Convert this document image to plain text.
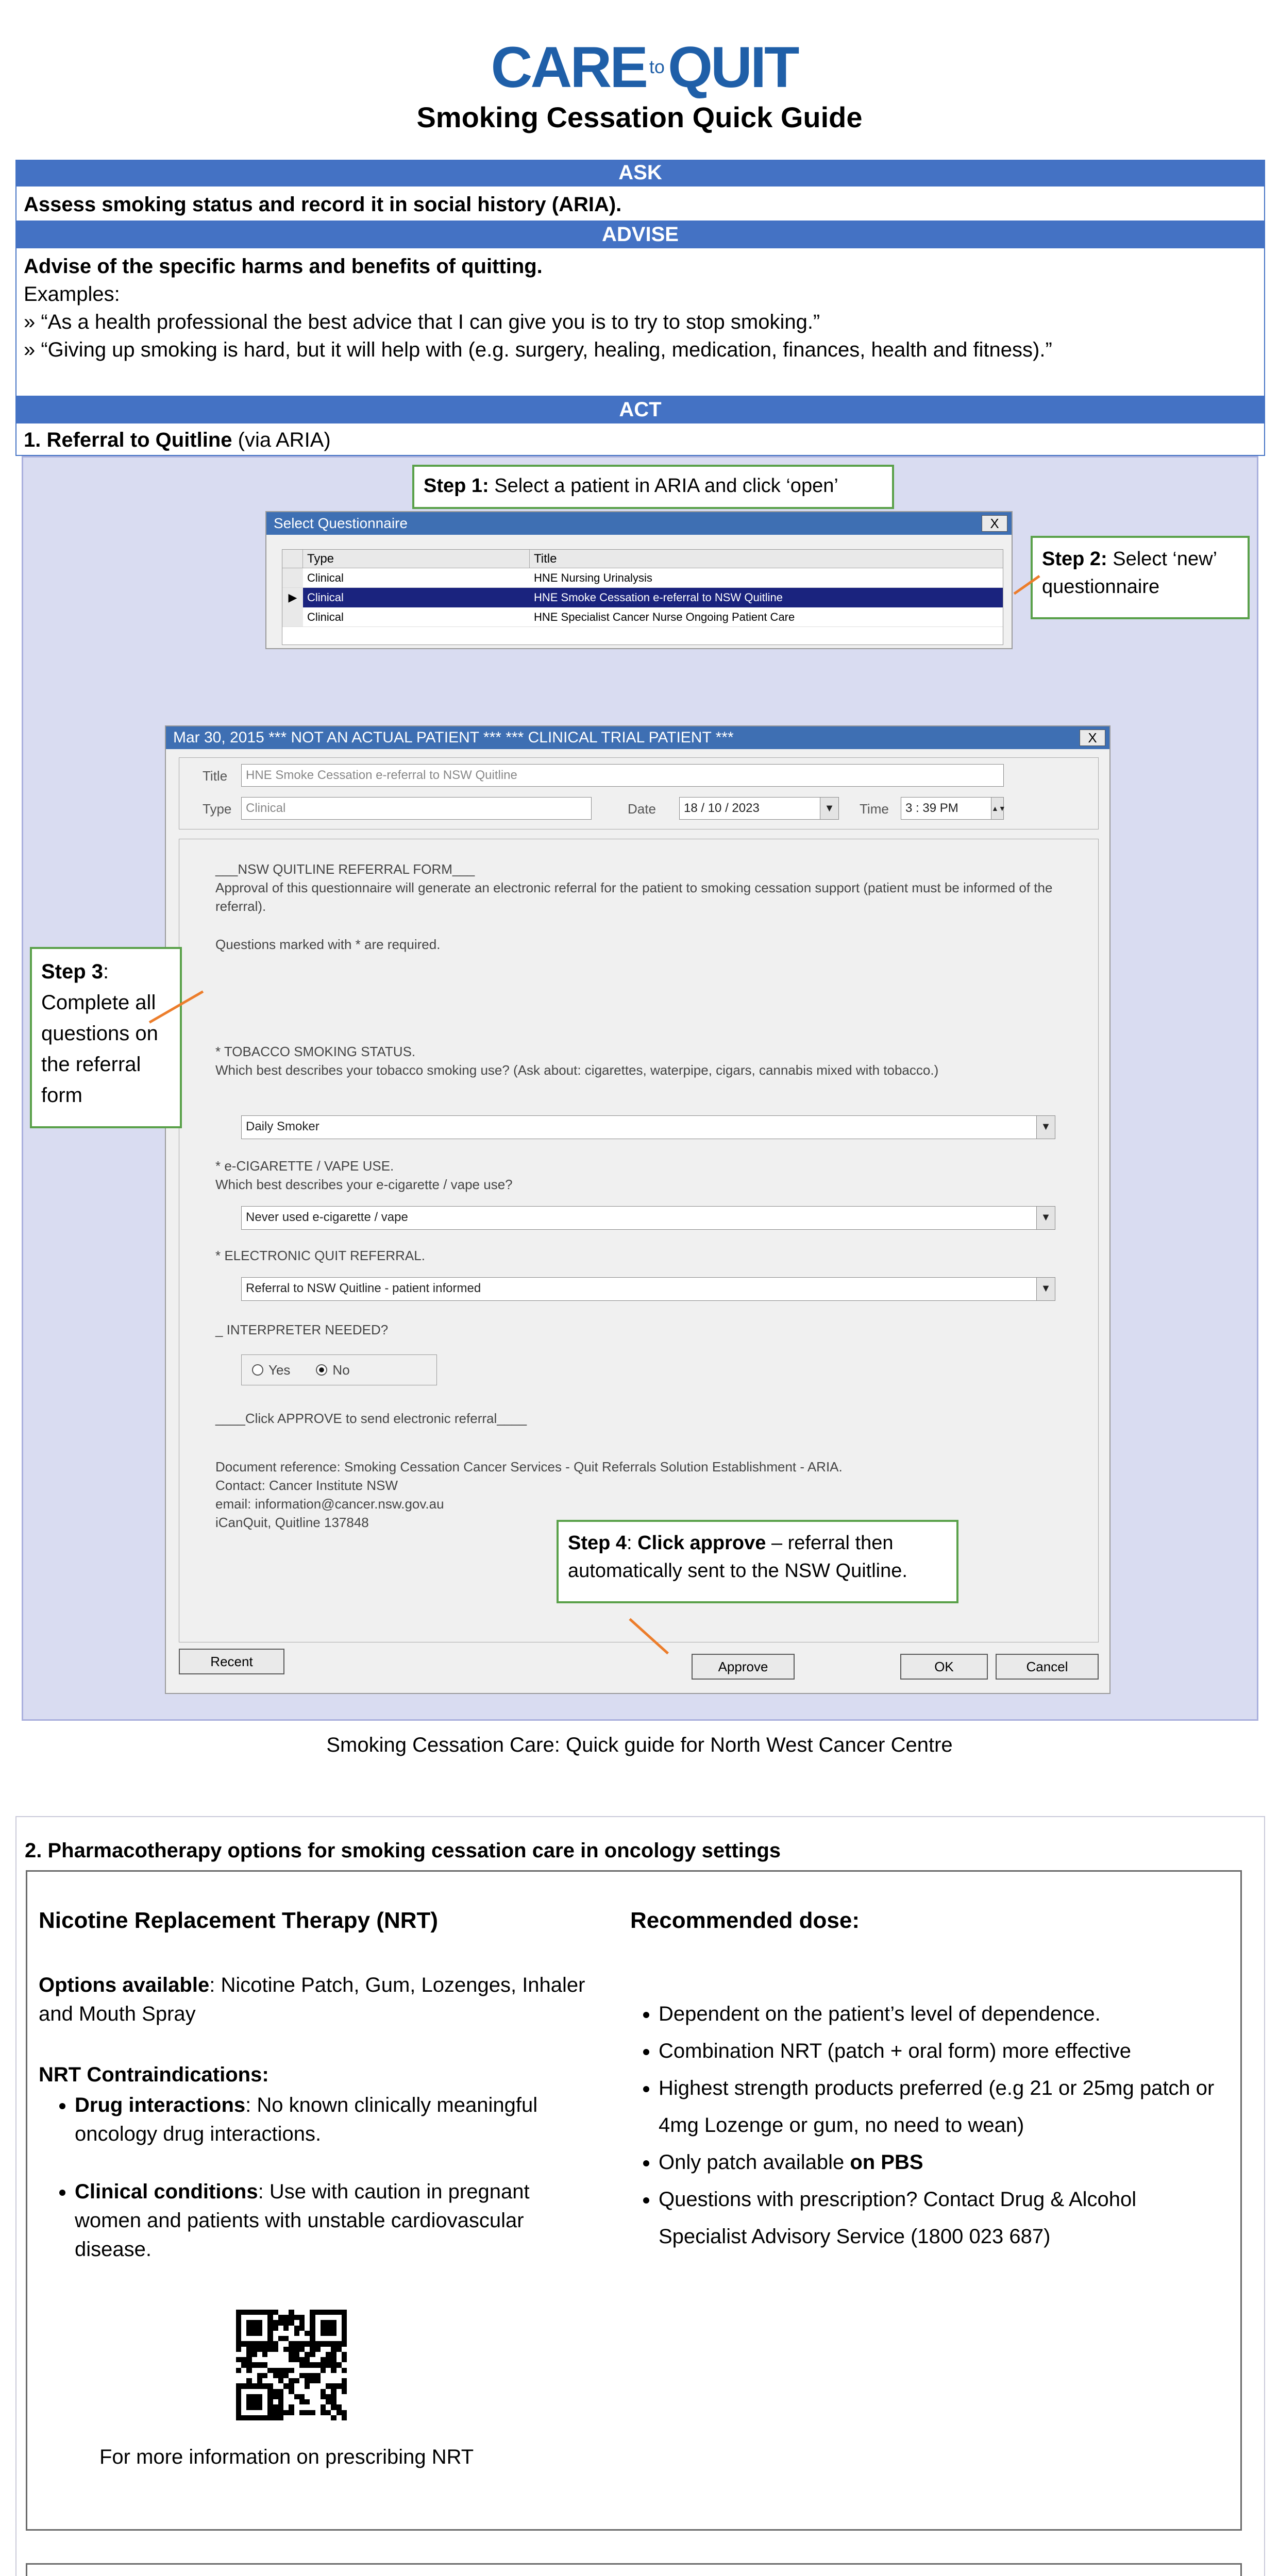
CARE to QUIT
Smoking Cessation Quick Guide
ASK
Assess smoking status and record it in social history (ARIA).
ADVISE
Advise of the specific harms and benefits of quitting.
Examples:
» “As a health professional the best advice that I can give you is to try to stop smoking.”
» “Giving up smoking is hard, but it will help with (e.g. surgery, healing, medication, finances, health and fitness).”
ACT
1. Referral to Quitline (via ARIA)
Step 1: Select a patient in ARIA and click ‘open’
Select Questionnaire	X
Type	Title
Clinical	HNE Nursing Urinalysis
▶ Clinical	HNE Smoke Cessation e-referral to NSW Quitline
Clinical	HNE Specialist Cancer Nurse Ongoing Patient Care
Step 2: Select ‘new’ questionnaire
Mar 30, 2015 *** NOT AN ACTUAL PATIENT *** *** CLINICAL TRIAL PATIENT ***	X
Title	HNE Smoke Cessation e-referral to NSW Quitline
Type	Clinical	Date	18 / 10 / 2023	▼ Time	3 : 39 PM	▲▼
___NSW QUITLINE REFERRAL FORM___
Approval of this questionnaire will generate an electronic referral for the patient to smoking cessation support (patient must be informed of the referral).
Questions marked with * are required.
* TOBACCO SMOKING STATUS.
Which best describes your tobacco smoking use? (Ask about: cigarettes, waterpipe, cigars, cannabis mixed with tobacco.)
Daily Smoker	▼
* e-CIGARETTE / VAPE USE.
Which best describes your e-cigarette / vape use?
Never used e-cigarette / vape	▼
* ELECTRONIC QUIT REFERRAL.
Referral to NSW Quitline - patient informed	▼
_ INTERPRETER NEEDED?
Yes	No
____Click APPROVE to send electronic referral____
Document reference: Smoking Cessation Cancer Services - Quit Referrals Solution Establishment - ARIA.
Contact: Cancer Institute NSW
email: information@cancer.nsw.gov.au
iCanQuit, Quitline 137848
Recent	Approve	OK	Cancel
Step 3: Complete all questions on the referral form
Step 4: Click approve – referral then automatically sent to the NSW Quitline.
Smoking Cessation Care: Quick guide for North West Cancer Centre
2. Pharmacotherapy options for smoking cessation care in oncology settings
Nicotine Replacement Therapy (NRT)
Options available: Nicotine Patch, Gum, Lozenges, Inhaler and Mouth Spray
NRT Contraindications:
• Drug interactions: No known clinically meaningful oncology drug interactions.
• Clinical conditions: Use with caution in pregnant women and patients with unstable cardiovascular disease.
For more information on prescribing NRT
Recommended dose:
• Dependent on the patient’s level of dependence.
• Combination NRT (patch + oral form) more effective
• Highest strength products preferred (e.g 21 or 25mg patch or 4mg Lozenge or gum, no need to wean)
• Only patch available on PBS
• Questions with prescription? Contact Drug & Alcohol Specialist Advisory Service (1800 023 687)
